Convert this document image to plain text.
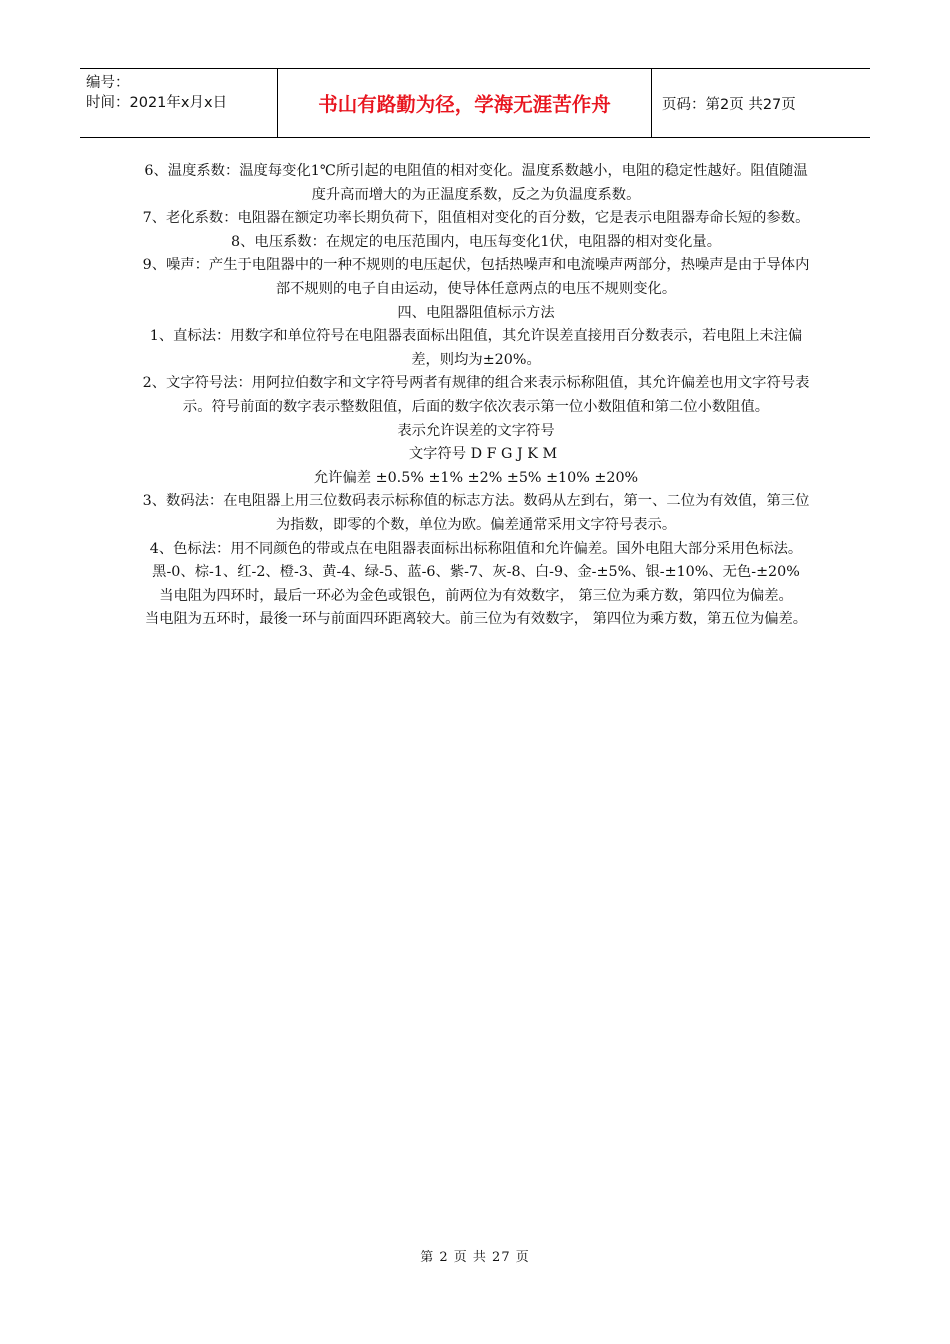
编号：
时间：2021年x月x日	书山有路勤为径，学海无涯苦作舟	页码：第2页 共27页

6、温度系数：温度每变化1℃所引起的电阻值的相对变化。温度系数越小，电阻的稳定性越好。阻值随温度升高而增大的为正温度系数，反之为负温度系数。

7、老化系数：电阻器在额定功率长期负荷下，阻值相对变化的百分数，它是表示电阻器寿命长短的参数。

8、电压系数：在规定的电压范围内，电压每变化1伏，电阻器的相对变化量。

9、噪声：产生于电阻器中的一种不规则的电压起伏，包括热噪声和电流噪声两部分，热噪声是由于导体内部不规则的电子自由运动，使导体任意两点的电压不规则变化。

四、电阻器阻值标示方法

1、直标法：用数字和单位符号在电阻器表面标出阻值，其允许误差直接用百分数表示，若电阻上未注偏差，则均为±20%。

2、文字符号法：用阿拉伯数字和文字符号两者有规律的组合来表示标称阻值，其允许偏差也用文字符号表示。符号前面的数字表示整数阻值，后面的数字依次表示第一位小数阻值和第二位小数阻值。

表示允许误差的文字符号

文字符号 D F G J K M

允许偏差 ±0.5% ±1% ±2% ±5% ±10% ±20%

3、数码法：在电阻器上用三位数码表示标称值的标志方法。数码从左到右，第一、二位为有效值，第三位为指数，即零的个数，单位为欧。偏差通常采用文字符号表示。

4、色标法：用不同颜色的带或点在电阻器表面标出标称阻值和允许偏差。国外电阻大部分采用色标法。

黑-0、棕-1、红-2、橙-3、黄-4、绿-5、蓝-6、紫-7、灰-8、白-9、金-±5%、银-±10%、无色-±20%

当电阻为四环时，最后一环必为金色或银色，前两位为有效数字， 第三位为乘方数，第四位为偏差。

当电阻为五环时，最後一环与前面四环距离较大。前三位为有效数字， 第四位为乘方数，第五位为偏差。

第 2 页 共 27 页
